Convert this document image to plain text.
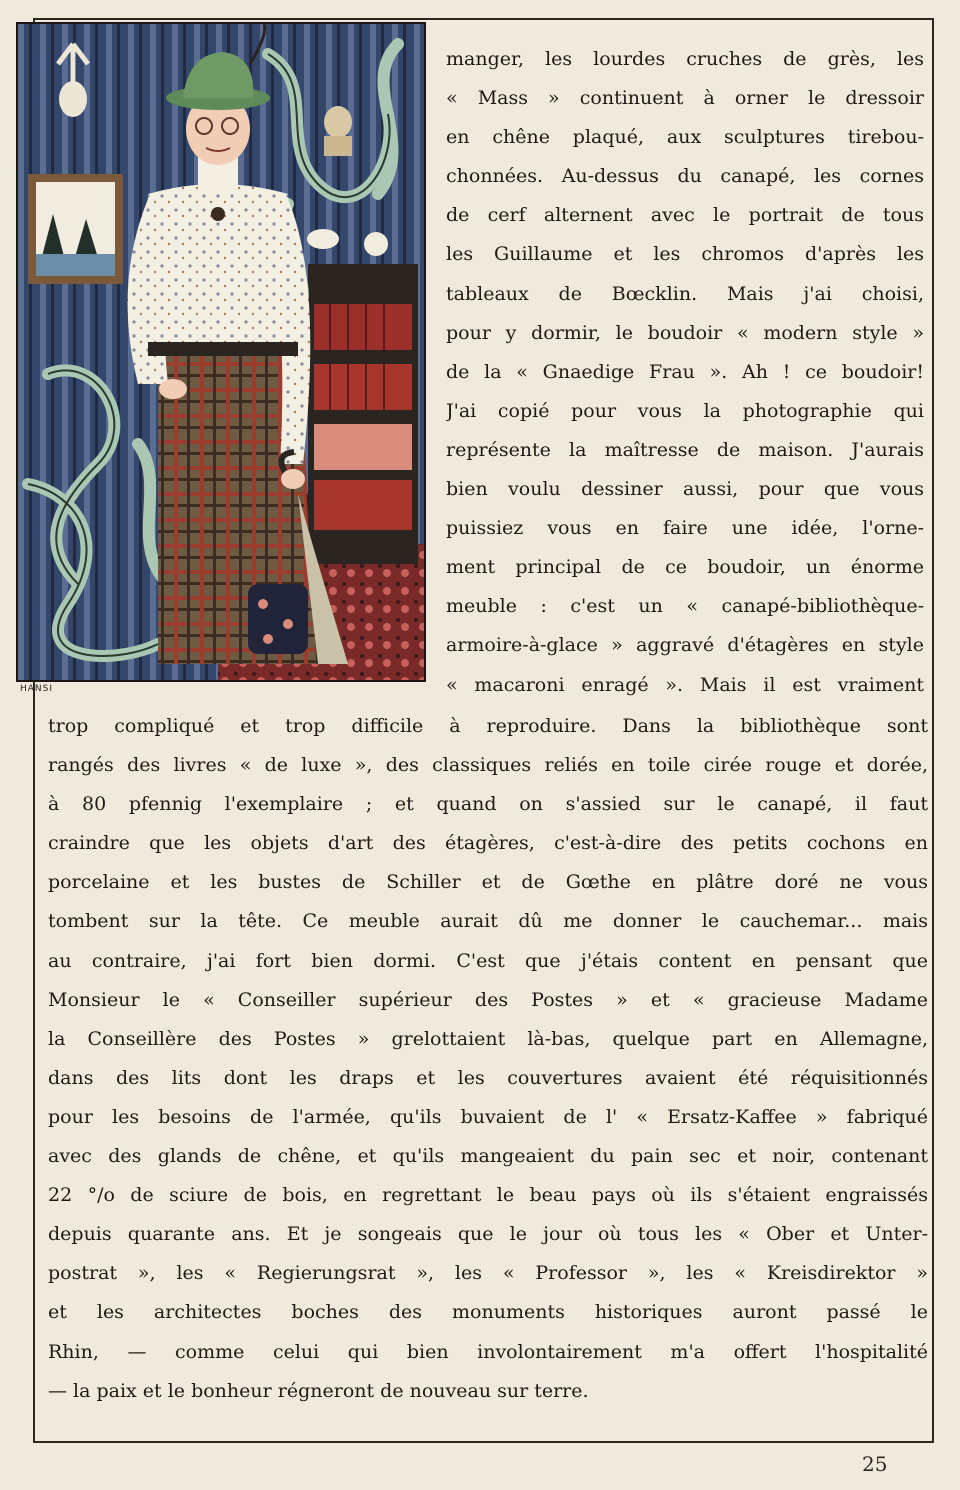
HANSI
manger, les lourdes cruches de grès, les
« Mass » continuent à orner le dressoir
en chêne plaqué, aux sculptures tirebou-
chonnées. Au-dessus du canapé, les cornes
de cerf alternent avec le portrait de tous
les Guillaume et les chromos d'après les
tableaux de Bœcklin. Mais j'ai choisi,
pour y dormir, le boudoir « modern style »
de la « Gnaedige Frau ». Ah ! ce boudoir!
J'ai copié pour vous la photographie qui
représente la maîtresse de maison. J'aurais
bien voulu dessiner aussi, pour que vous
puissiez vous en faire une idée, l'orne-
ment principal de ce boudoir, un énorme
meuble : c'est un « canapé-bibliothèque-
armoire-à-glace » aggravé d'étagères en style
« macaroni enragé ». Mais il est vraiment
trop compliqué et trop difficile à reproduire. Dans la bibliothèque sont
rangés des livres « de luxe », des classiques reliés en toile cirée rouge et dorée,
à 80 pfennig l'exemplaire ; et quand on s'assied sur le canapé, il faut
craindre que les objets d'art des étagères, c'est-à-dire des petits cochons en
porcelaine et les bustes de Schiller et de Gœthe en plâtre doré ne vous
tombent sur la tête. Ce meuble aurait dû me donner le cauchemar... mais
au contraire, j'ai fort bien dormi. C'est que j'étais content en pensant que
Monsieur le « Conseiller supérieur des Postes » et « gracieuse Madame
la Conseillère des Postes » grelottaient là-bas, quelque part en Allemagne,
dans des lits dont les draps et les couvertures avaient été réquisitionnés
pour les besoins de l'armée, qu'ils buvaient de l' « Ersatz-Kaffee » fabriqué
avec des glands de chêne, et qu'ils mangeaient du pain sec et noir, contenant
22 °/o de sciure de bois, en regrettant le beau pays où ils s'étaient engraissés
depuis quarante ans. Et je songeais que le jour où tous les « Ober et Unter-
postrat », les « Regierungsrat », les « Professor », les « Kreisdirektor »
et les architectes boches des monuments historiques auront passé le
Rhin, — comme celui qui bien involontairement m'a offert l'hospitalité
— la paix et le bonheur régneront de nouveau sur terre.
25
